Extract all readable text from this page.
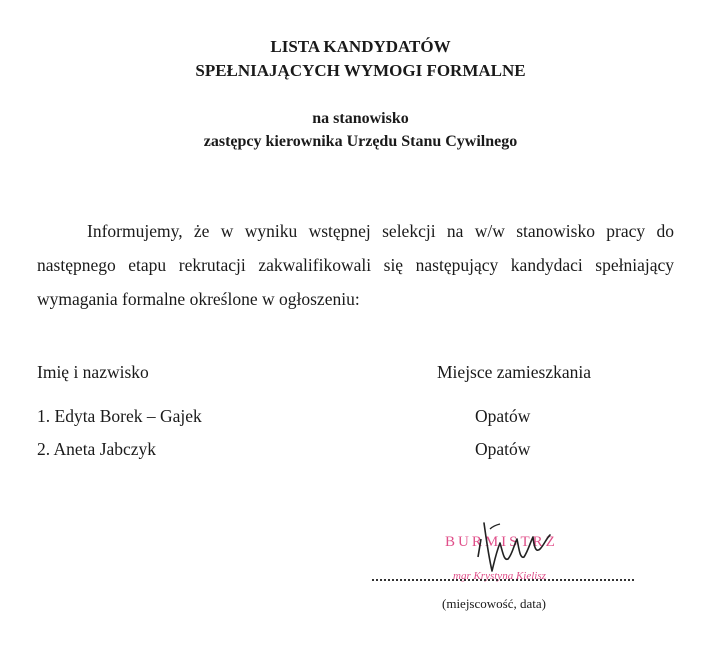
LISTA KANDYDATÓW
SPEŁNIAJĄCYCH WYMOGI FORMALNE
na stanowisko
zastępcy kierownika Urzędu Stanu Cywilnego
Informujemy, że w wyniku wstępnej selekcji na w/w stanowisko pracy do następnego etapu rekrutacji zakwalifikowali się następujący kandydaci spełniający wymagania formalne określone w ogłoszeniu:
Imię i nazwisko	Miejsce zamieszkania
1. Edyta Borek – Gajek	Opatów
2. Aneta Jabczyk	Opatów
BURMISTRZ
mgr Krystyna Kielisz
(miejscowość, data)
